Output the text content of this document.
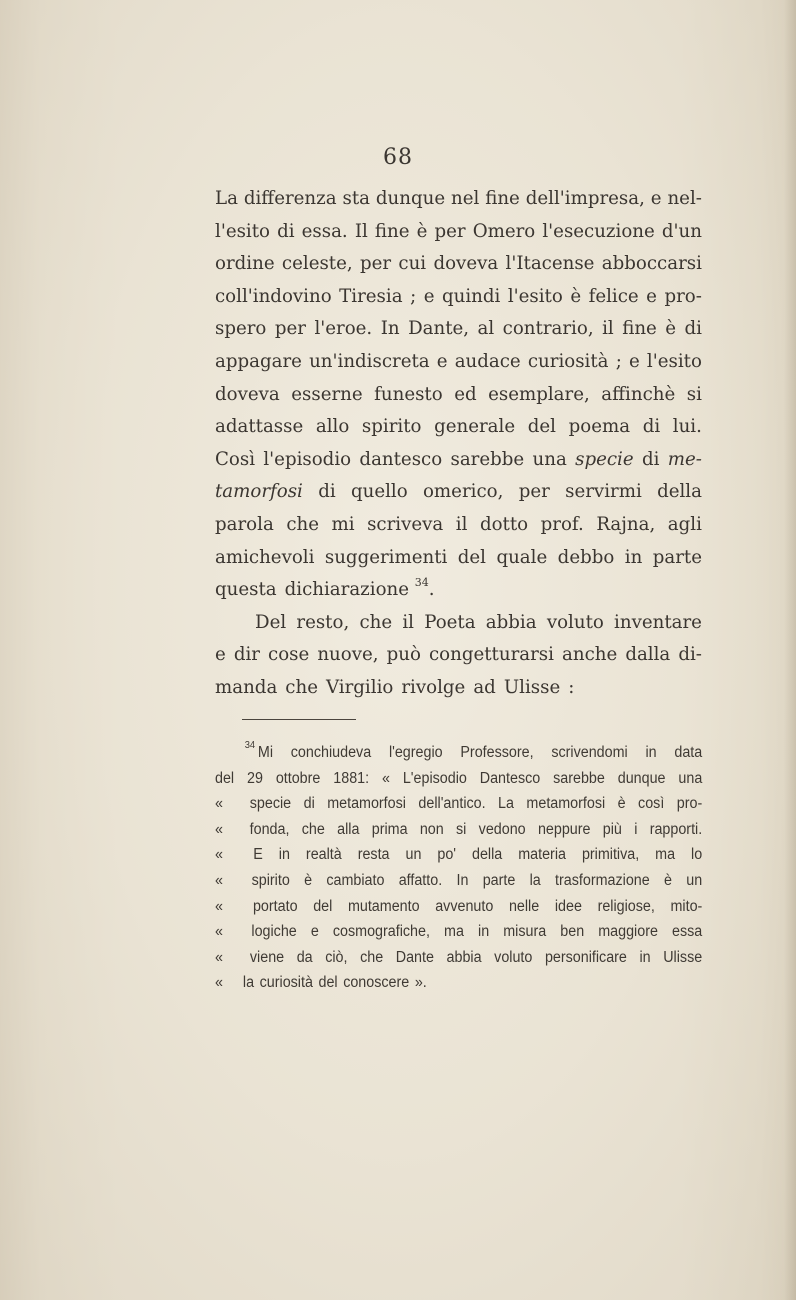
68
La differenza sta dunque nel fine dell'impresa, e nel-
l'esito di essa. Il fine è per Omero l'esecuzione d'un
ordine celeste, per cui doveva l'Itacense abboccarsi
coll'indovino Tiresia ; e quindi l'esito è felice e pro-
spero per l'eroe. In Dante, al contrario, il fine è di
appagare un'indiscreta e audace curiosità ; e l'esito
doveva esserne funesto ed esemplare, affinchè si
adattasse allo spirito generale del poema di lui.
Così l'episodio dantesco sarebbe una specie di me-
tamorfosi di quello omerico, per servirmi della
parola che mi scriveva il dotto prof. Rajna, agli
amichevoli suggerimenti del quale debbo in parte
questa dichiarazione $^{34}$.
Del resto, che il Poeta abbia voluto inventare
e dir cose nuove, può congetturarsi anche dalla di-
manda che Virgilio rivolge ad Ulisse :
$^{34}$ Mi conchiudeva l'egregio Professore, scrivendomi in data
del 29 ottobre 1881: « L'episodio Dantesco sarebbe dunque una
«	specie di metamorfosi dell'antico. La metamorfosi è così pro-
«	fonda, che alla prima non si vedono neppure più i rapporti.
«	E in realtà resta un po' della materia primitiva, ma lo
«	spirito è cambiato affatto. In parte la trasformazione è un
«	portato del mutamento avvenuto nelle idee religiose, mito-
«	logiche e cosmografiche, ma in misura ben maggiore essa
«	viene da ciò, che Dante abbia voluto personificare in Ulisse
«	la curiosità del conoscere ».
